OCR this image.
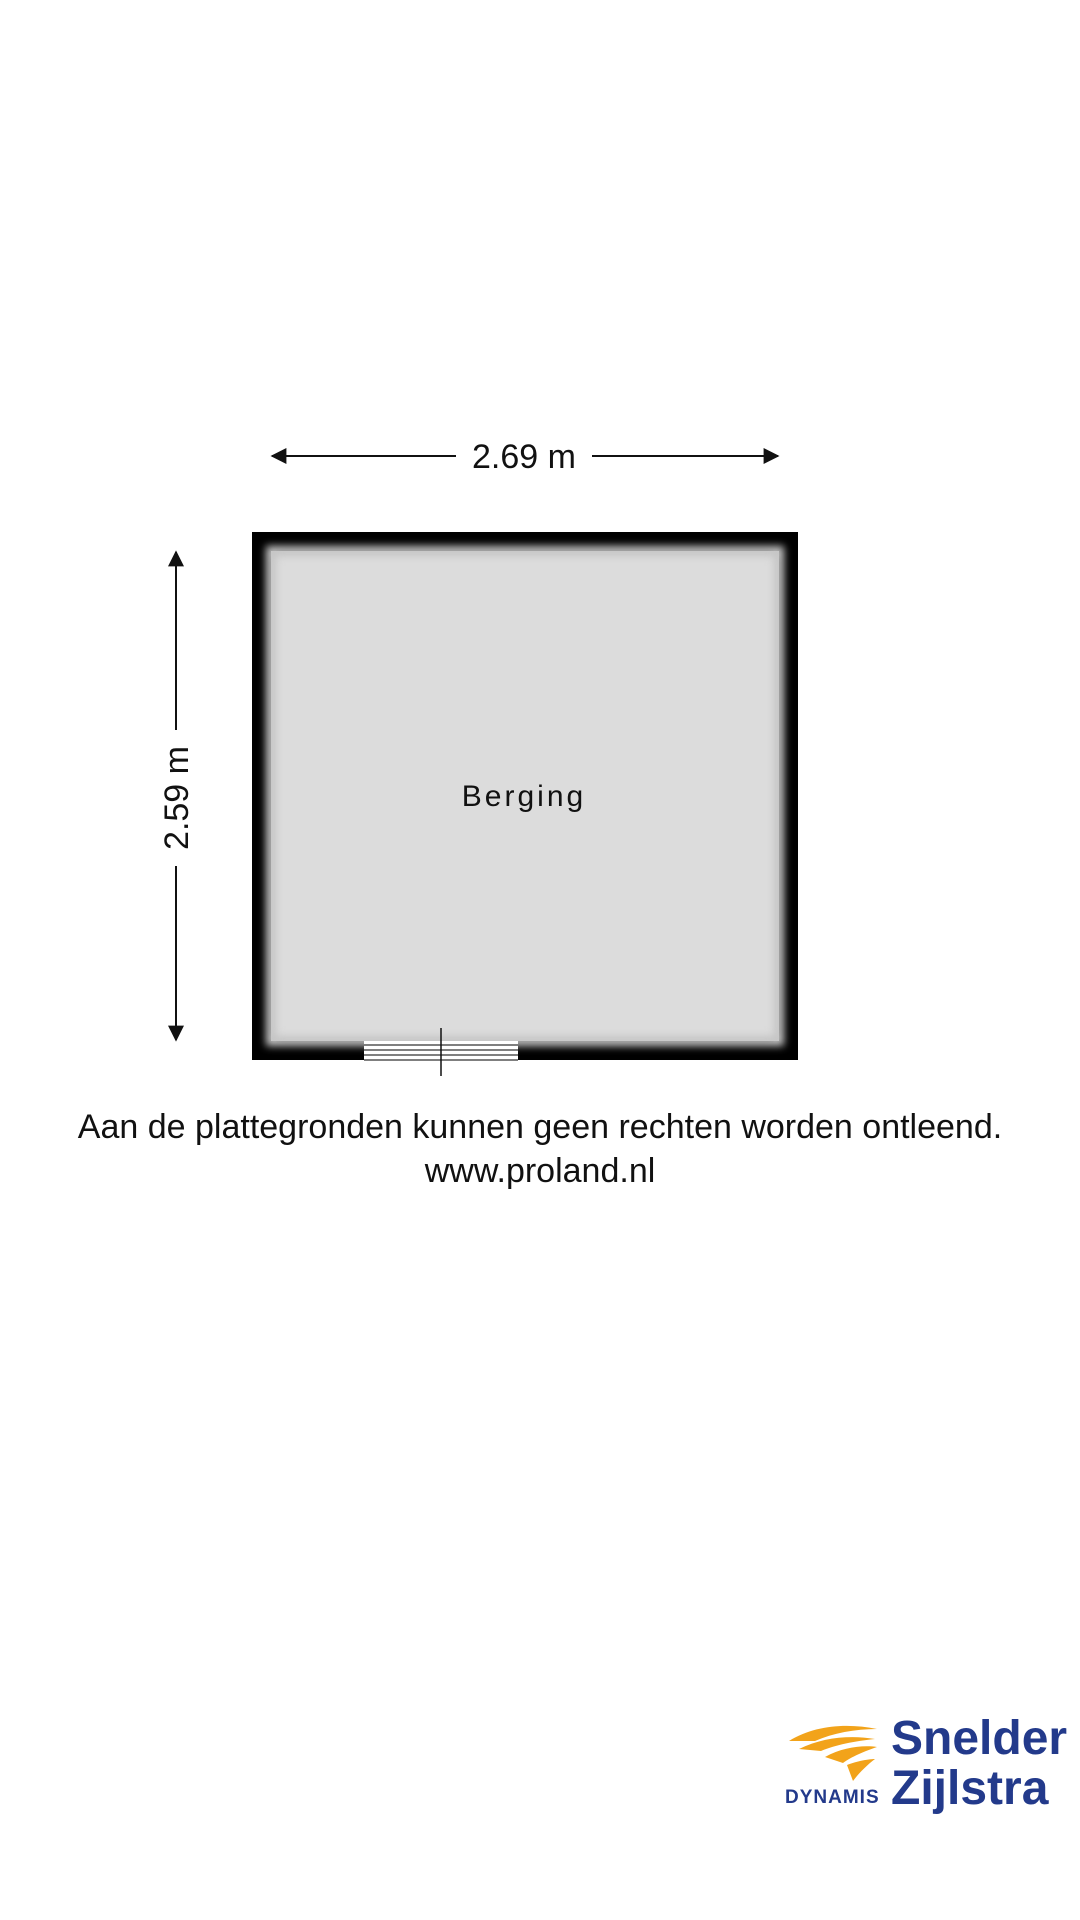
2.69 m
2.59 m	Berging
Aan de plattegronden kunnen geen rechten worden ontleend.
www.proland.nl
DYNAMIS
Snelder
Zijlstra
